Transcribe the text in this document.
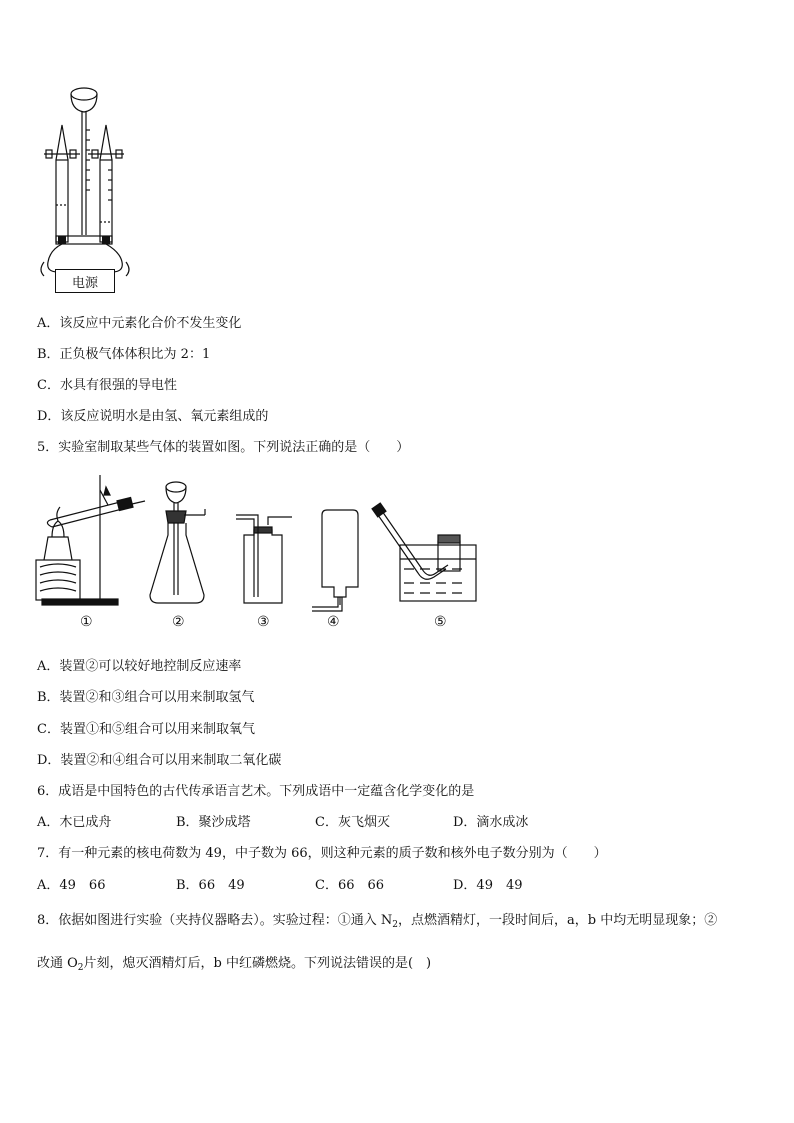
电源
A．该反应中元素化合价不发生变化
B．正负极气体体积比为 2：1
C．水具有很强的导电性
D．该反应说明水是由氢、氧元素组成的
5．实验室制取某些气体的装置如图。下列说法正确的是（　　）
①	②	③	④	⑤
A．装置②可以较好地控制反应速率
B．装置②和③组合可以用来制取氢气
C．装置①和⑤组合可以用来制取氧气
D．装置②和④组合可以用来制取二氧化碳
6．成语是中国特色的古代传承语言艺术。下列成语中一定蕴含化学变化的是
A．木已成舟	B．聚沙成塔	C．灰飞烟灭	D．滴水成冰
7．有一种元素的核电荷数为 49，中子数为 66，则这种元素的质子数和核外电子数分别为（　　）
A．49　66	B．66　49	C．66　66	D．49　49
8．依据如图进行实验（夹持仪器略去）。实验过程：①通入 $N_2$，点燃酒精灯，一段时间后，a，b 中均无明显现象；②
改通 $O_2$片刻，熄灭酒精灯后，b 中红磷燃烧。下列说法错误的是(　)
